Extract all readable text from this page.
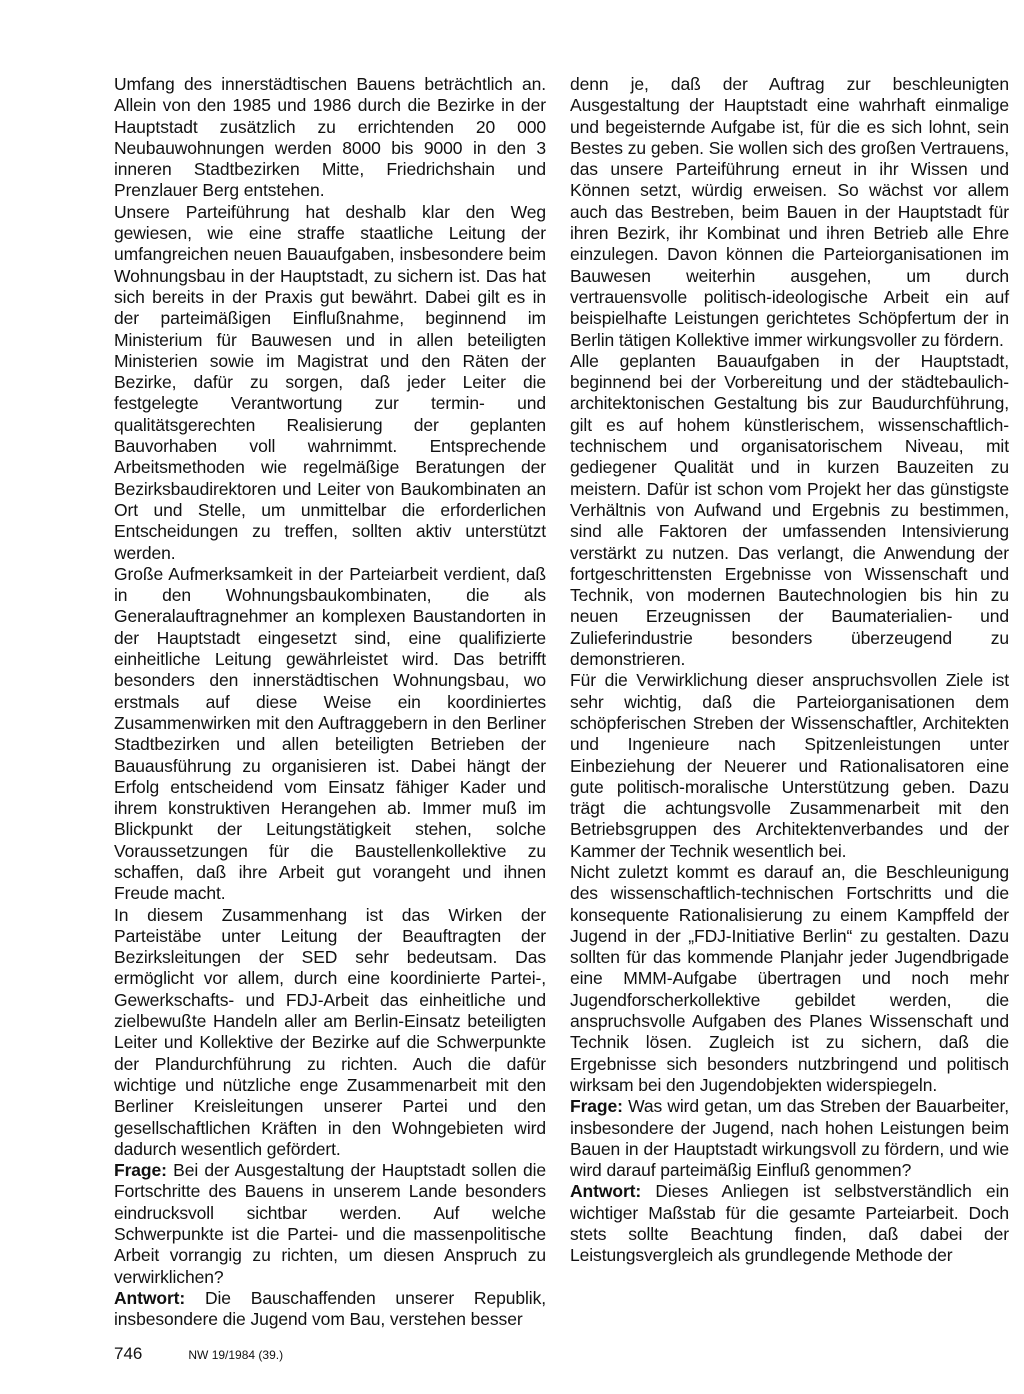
Umfang des innerstädtischen Bauens beträchtlich an. Allein von den 1985 und 1986 durch die Bezirke in der Hauptstadt zusätzlich zu errichtenden 20 000 Neubauwohnungen werden 8000 bis 9000 in den 3 inneren Stadtbezirken Mitte, Friedrichshain und Prenzlauer Berg entstehen.

Unsere Parteiführung hat deshalb klar den Weg gewiesen, wie eine straffe staatliche Leitung der umfangreichen neuen Bauaufgaben, insbesondere beim Wohnungsbau in der Hauptstadt, zu sichern ist. Das hat sich bereits in der Praxis gut bewährt. Dabei gilt es in der parteimäßigen Einflußnahme, beginnend im Ministerium für Bauwesen und in allen beteiligten Ministerien sowie im Magistrat und den Räten der Bezirke, dafür zu sorgen, daß jeder Leiter die festgelegte Verantwortung zur termin- und qualitätsgerechten Realisierung der geplanten Bauvorhaben voll wahrnimmt. Entsprechende Arbeitsmethoden wie regelmäßige Beratungen der Bezirksbaudirektoren und Leiter von Baukombinaten an Ort und Stelle, um unmittelbar die erforderlichen Entscheidungen zu treffen, sollten aktiv unterstützt werden.

Große Aufmerksamkeit in der Parteiarbeit verdient, daß in den Wohnungsbaukombinaten, die als Generalauftragnehmer an komplexen Baustandorten in der Hauptstadt eingesetzt sind, eine qualifizierte einheitliche Leitung gewährleistet wird. Das betrifft besonders den innerstädtischen Wohnungsbau, wo erstmals auf diese Weise ein koordiniertes Zusammenwirken mit den Auftraggebern in den Berliner Stadtbezirken und allen beteiligten Betrieben der Bauausführung zu organisieren ist. Dabei hängt der Erfolg entscheidend vom Einsatz fähiger Kader und ihrem konstruktiven Herangehen ab. Immer muß im Blickpunkt der Leitungstätigkeit stehen, solche Voraussetzungen für die Baustellenkollektive zu schaffen, daß ihre Arbeit gut vorangeht und ihnen Freude macht.

In diesem Zusammenhang ist das Wirken der Parteistäbe unter Leitung der Beauftragten der Bezirksleitungen der SED sehr bedeutsam. Das ermöglicht vor allem, durch eine koordinierte Partei-, Gewerkschafts- und FDJ-Arbeit das einheitliche und zielbewußte Handeln aller am Berlin-Einsatz beteiligten Leiter und Kollektive der Bezirke auf die Schwerpunkte der Plandurchführung zu richten. Auch die dafür wichtige und nützliche enge Zusammenarbeit mit den Berliner Kreisleitungen unserer Partei und den gesellschaftlichen Kräften in den Wohngebieten wird dadurch wesentlich gefördert.

Frage: Bei der Ausgestaltung der Hauptstadt sollen die Fortschritte des Bauens in unserem Lande besonders eindrucksvoll sichtbar werden. Auf welche Schwerpunkte ist die Partei- und die massenpolitische Arbeit vorrangig zu richten, um diesen Anspruch zu verwirklichen?

Antwort: Die Bauschaffenden unserer Republik, insbesondere die Jugend vom Bau, verstehen besser

denn je, daß der Auftrag zur beschleunigten Ausgestaltung der Hauptstadt eine wahrhaft einmalige und begeisternde Aufgabe ist, für die es sich lohnt, sein Bestes zu geben. Sie wollen sich des großen Vertrauens, das unsere Parteiführung erneut in ihr Wissen und Können setzt, würdig erweisen. So wächst vor allem auch das Bestreben, beim Bauen in der Hauptstadt für ihren Bezirk, ihr Kombinat und ihren Betrieb alle Ehre einzulegen. Davon können die Parteiorganisationen im Bauwesen weiterhin ausgehen, um durch vertrauensvolle politisch-ideologische Arbeit ein auf beispielhafte Leistungen gerichtetes Schöpfertum der in Berlin tätigen Kollektive immer wirkungsvoller zu fördern.

Alle geplanten Bauaufgaben in der Hauptstadt, beginnend bei der Vorbereitung und der städtebaulich-architektonischen Gestaltung bis zur Baudurchführung, gilt es auf hohem künstlerischem, wissenschaftlich-technischem und organisatorischem Niveau, mit gediegener Qualität und in kurzen Bauzeiten zu meistern. Dafür ist schon vom Projekt her das günstigste Verhältnis von Aufwand und Ergebnis zu bestimmen, sind alle Faktoren der umfassenden Intensivierung verstärkt zu nutzen. Das verlangt, die Anwendung der fortgeschrittensten Ergebnisse von Wissenschaft und Technik, von modernen Bautechnologien bis hin zu neuen Erzeugnissen der Baumaterialien- und Zulieferindustrie besonders überzeugend zu demonstrieren.

Für die Verwirklichung dieser anspruchsvollen Ziele ist sehr wichtig, daß die Parteiorganisationen dem schöpferischen Streben der Wissenschaftler, Architekten und Ingenieure nach Spitzenleistungen unter Einbeziehung der Neuerer und Rationalisatoren eine gute politisch-moralische Unterstützung geben. Dazu trägt die achtungsvolle Zusammenarbeit mit den Betriebsgruppen des Architektenverbandes und der Kammer der Technik wesentlich bei.

Nicht zuletzt kommt es darauf an, die Beschleunigung des wissenschaftlich-technischen Fortschritts und die konsequente Rationalisierung zu einem Kampffeld der Jugend in der „FDJ-Initiative Berlin“ zu gestalten. Dazu sollten für das kommende Planjahr jeder Jugendbrigade eine MMM-Aufgabe übertragen und noch mehr Jugendforscherkollektive gebildet werden, die anspruchsvolle Aufgaben des Planes Wissenschaft und Technik lösen. Zugleich ist zu sichern, daß die Ergebnisse sich besonders nutzbringend und politisch wirksam bei den Jugendobjekten widerspiegeln.

Frage: Was wird getan, um das Streben der Bauarbeiter, insbesondere der Jugend, nach hohen Leistungen beim Bauen in der Hauptstadt wirkungsvoll zu fördern, und wie wird darauf parteimäßig Einfluß genommen?

Antwort: Dieses Anliegen ist selbstverständlich ein wichtiger Maßstab für die gesamte Parteiarbeit. Doch stets sollte Beachtung finden, daß dabei der Leistungsvergleich als grundlegende Methode der

746	NW 19/1984 (39.)
